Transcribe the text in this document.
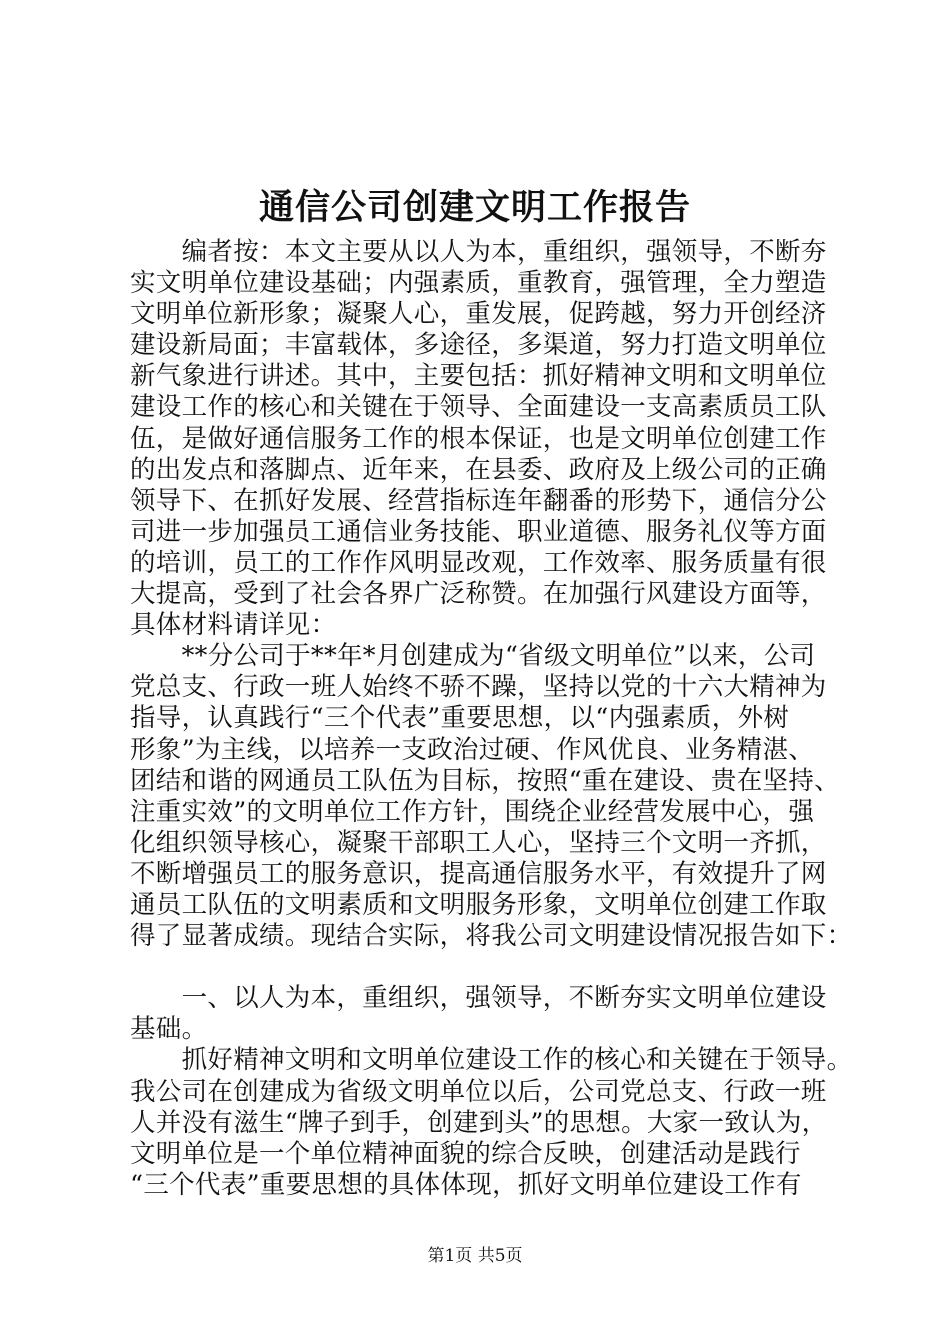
通信公司创建文明工作报告
　　编者按：本文主要从以人为本，重组织，强领导，不断夯
实文明单位建设基础；内强素质，重教育，强管理，全力塑造
文明单位新形象；凝聚人心，重发展，促跨越，努力开创经济
建设新局面；丰富载体，多途径，多渠道，努力打造文明单位
新气象进行讲述。其中，主要包括：抓好精神文明和文明单位
建设工作的核心和关键在于领导、全面建设一支高素质员工队
伍，是做好通信服务工作的根本保证，也是文明单位创建工作
的出发点和落脚点、近年来，在县委、政府及上级公司的正确
领导下、在抓好发展、经营指标连年翻番的形势下，通信分公
司进一步加强员工通信业务技能、职业道德、服务礼仪等方面
的培训，员工的工作作风明显改观，工作效率、服务质量有很
大提高，受到了社会各界广泛称赞。在加强行风建设方面等，
具体材料请详见：
　　**分公司于**年*月创建成为“省级文明单位”以来，公司
党总支、行政一班人始终不骄不躁，坚持以党的十六大精神为
指导，认真践行“三个代表”重要思想，以“内强素质，外树
形象”为主线，以培养一支政治过硬、作风优良、业务精湛、
团结和谐的网通员工队伍为目标，按照“重在建设、贵在坚持、
注重实效”的文明单位工作方针，围绕企业经营发展中心，强
化组织领导核心，凝聚干部职工人心，坚持三个文明一齐抓，
不断增强员工的服务意识，提高通信服务水平，有效提升了网
通员工队伍的文明素质和文明服务形象，文明单位创建工作取
得了显著成绩。现结合实际，将我公司文明建设情况报告如下：
　　一、以人为本，重组织，强领导，不断夯实文明单位建设
基础。
　　抓好精神文明和文明单位建设工作的核心和关键在于领导。
我公司在创建成为省级文明单位以后，公司党总支、行政一班
人并没有滋生“牌子到手，创建到头”的思想。大家一致认为，
文明单位是一个单位精神面貌的综合反映，创建活动是践行
“三个代表”重要思想的具体体现，抓好文明单位建设工作有
第1页 共5页
